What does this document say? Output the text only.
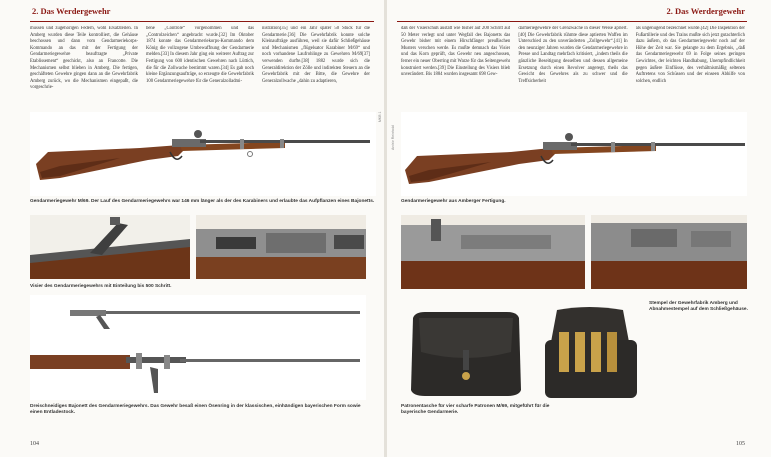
2. Das Werdergewehr
müssen und zugehörigen Federn, wohl Ersatzteilen. In Amberg wurden diese Teile kontrolliert, die Gehäuse beschossen und dann vom Gendarmeriekorps-Kommando an das mit der Fertigung der Gendarmeriegewehre beauftragte „Private Etablissement“ geschickt, also an Francotte. Die Mechanismen selbst blieben in Amberg. Die fertigen, geschäfteten Gewehre gingen dann an die Gewehrfabrik Amberg zurück, wo die Mechanismen eingepaßt, die vorgeschrie-
bene „Controle“ vorgenommen und das „Controlzeichen“ angebracht wurde.[32] Im Oktober 1874 konnte das Gendarmeriekorps-Kommando dem König die vollzogene Umbewaffnung der Gendarmerie melden.[33] In diesem Jahr ging ein weiterer Auftrag zur Fertigung von 600 identischen Gewehren nach Lüttich, die für die Zollwache bestimmt waren.[34] Es gab noch kleine Ergänzungsaufträge, so erzeugte die Gewehrfabrik 100 Gendarmeriegewehre für die Generalzolladmi-
nistration[35] und ein Jahr später 50 Stück für die Gendarmerie.[36] Die Gewehrfabrik konnte solche Kleinaufträge ausführen, weil sie dafür Schließgehäuse und Mechanismen „flügelsator Karabiner M/69“ und noch vorhandene Laufrohlinge zu Gewehren M/69[37] verwenden durfte.[38] 1882 wurde sich die Generaldirektion der Zölle und indirekten Steuern an die Gewehrfabrik mit der Bitte, die Gewehre der Generalzollwache „dahin zu adaptieren,
Gendarmeriegewehr M/69. Der Lauf des Gendarmeriegewehrs war 146 mm länger als der des Karabiners und erlaubte das Aufpflanzen eines Bajonetts.
Visier des Gendarmeriegewehrs mit Einteilung bis 500 Schritt.
Dreischneidiges Bajonett des Gendarmeriegewehrs. Das Gewehr besaß einen Ösenring in der klassischen, einhändigen bayerischen Form sowie einen Entladestock.
MKB 1
104
2. Das Werdergewehr
daß der Visierschuß austatt wie bisher auf 200 Schritt auf 50 Meter verlegt und unter Wegfall des Bajonetts das Gewehr bisher mit einem Hirschfänger preußischen Musters verschen werde. Es mußte demnach das Visier und das Korn geprüft, das Gewehr neu angeschossen, ferner ein neuer Oberring mit Warze für das Seitengewehr konstruiert werden.[39] Die Einstellung des Visiers blieb unverändert. Bis 1884 wurden insgesamt 698 Gew-
darmeriegewehre der Grenzwache in dieser Weise apriert.[40] Die Gewehrfabrik rühmte diese aptierten Waffen im Unterschied zu den unveränderten „Zollgewehr“.[41] In den neunziger Jahren wurden die Gendarmeriegewehre in Presse und Landtag mehrfach kritisiert, „indem theils die gänzliche Beseitigung desselben und dessen allgemeine Ersetzung durch einen Revolver angeregt, theils das Gewicht des Gewehres als zu schwer und die Treffsicherheit
als ungenügend bezeichnet wurde.[42] Die Inspektion der Fußartillerie und des Trains mußte sich jetzt gutachterlich dazu äußern, ob das Gendarmeriegewehr noch auf der Höhe der Zeit war. Sie gelangte zu dem Ergebnis, „daß das Gendarmeriegewehr 69 in Folge seines geringen Gewichtes, der leichten Handhabung, Unempfindlichkeit gegen äußere Einflüsse, des verhältnismäßig seltenen Auftretens von Schüssen und der einseen Abhilfe von solchen, endlich
Archiv Reinhold
Gendarmeriegewehr aus Amberger Fertigung.
Stempel der Gewehrfabrik Amberg und Abnahmestempel auf dem Schließgehäuse.
Patronentasche für vier scharfe Patronen M/69, mitgeführt für die bayerische Gendarmerie.
105
